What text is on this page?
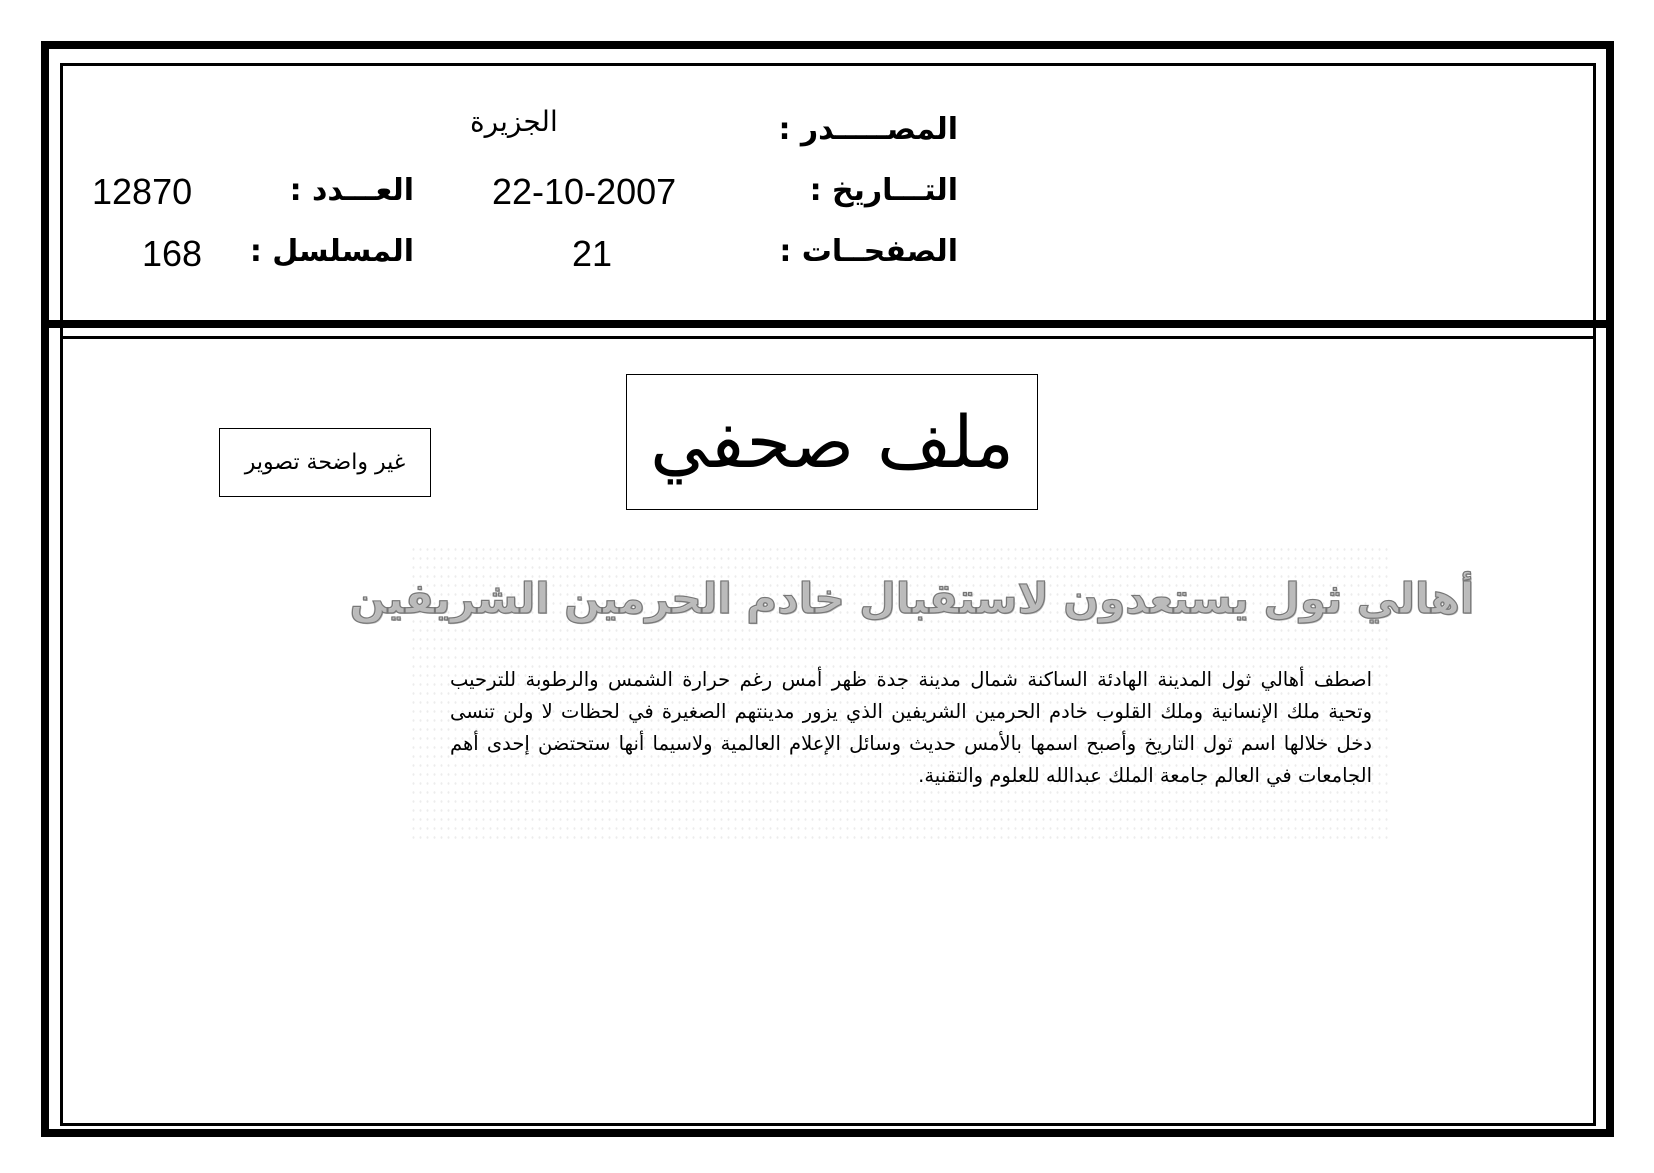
المصـــــدر :
التـــاريخ :
الصفحــات :
الجزيرة
22-10-2007
21
العـــدد :
المسلسل :
12870
168
ملف صحفي
غير واضحة تصوير
أهالي ثول يستعدون لاستقبال خادم الحرمين الشريفين
اصطف أهالي ثول المدينة الهادئة الساكنة شمال مدينة جدة ظهر أمس رغم حرارة الشمس والرطوبة للترحيب وتحية ملك الإنسانية وملك القلوب خادم الحرمين الشريفين الذي يزور مدينتهم الصغيرة في لحظات لا ولن تنسى دخل خلالها اسم ثول التاريخ وأصبح اسمها بالأمس حديث وسائل الإعلام العالمية ولاسيما أنها ستحتضن إحدى أهم الجامعات في العالم جامعة الملك عبدالله للعلوم والتقنية.
